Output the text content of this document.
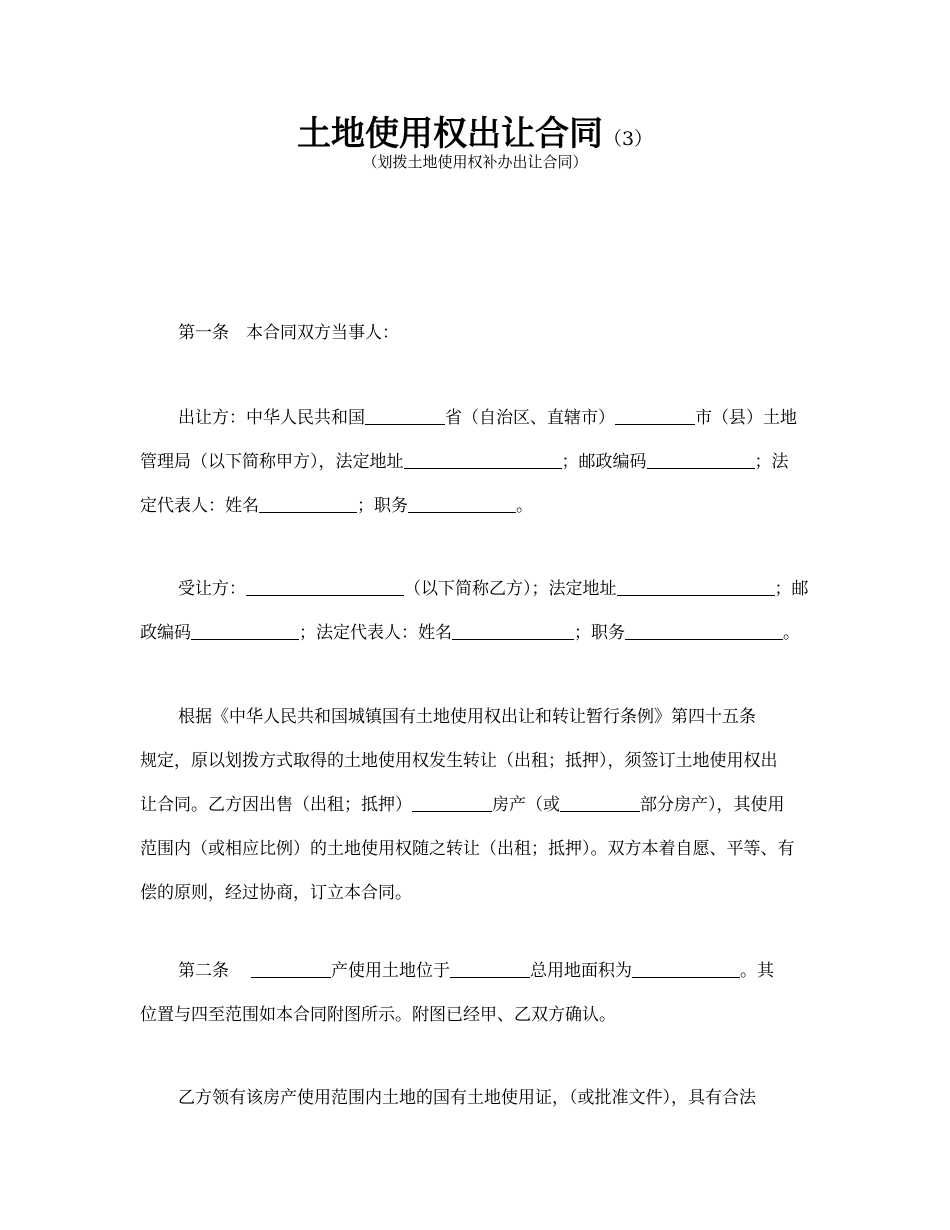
土地使用权出让合同（3）
（划拨土地使用权补办出让合同）
第一条　本合同双方当事人：
出让方：中华人民共和国	省（自治区、直辖市）	市（县）土地
管理局（以下简称甲方），法定地址	；邮政编码	；法
定代表人：姓名	；职务	。
受让方：	（以下简称乙方）；法定地址	；邮
政编码	；法定代表人：姓名	；职务	。
根据《中华人民共和国城镇国有土地使用权出让和转让暂行条例》第四十五条
规定，原以划拨方式取得的土地使用权发生转让（出租；抵押），须签订土地使用权出
让合同。乙方因出售（出租；抵押）	房产（或	部分房产），其使用
范围内（或相应比例）的土地使用权随之转让（出租；抵押）。双方本着自愿、平等、有
偿的原则，经过协商，订立本合同。
第二条	产使用土地位于	总用地面积为	。其
位置与四至范围如本合同附图所示。附图已经甲、乙双方确认。
乙方领有该房产使用范围内土地的国有土地使用证，（或批准文件），具有合法
